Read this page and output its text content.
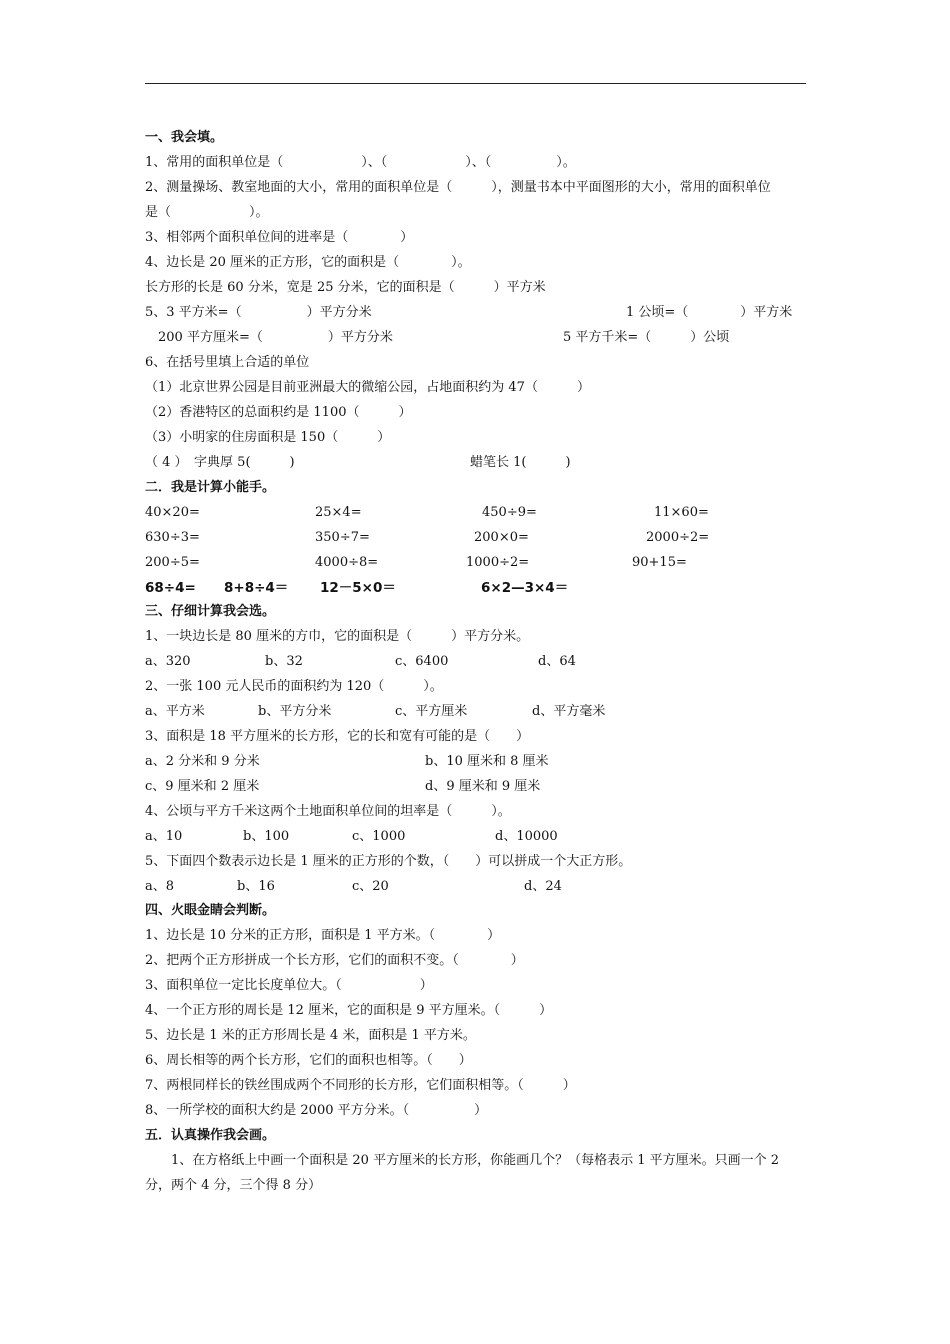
一、我会填。
1、常用的面积单位是（　　　　　　）、（　　　　　　）、（　　　　　）。
2、测量操场、教室地面的大小，常用的面积单位是（　　　），测量书本中平面图形的大小，常用的面积单位
是（　　　　　　）。
3、相邻两个面积单位间的进率是（　　　　）
4、边长是 20 厘米的正方形，它的面积是（　　　　）。
长方形的长是 60 分米，宽是 25 分米，它的面积是（　　　）平方米
5、3 平方米=（　　　　　）平方分米	1 公顷=（　　　　）平方米
200 平方厘米=（　　　　　）平方分米	5 平方千米=（　　　）公顷
6、在括号里填上合适的单位
（1）北京世界公园是目前亚洲最大的微缩公园，占地面积约为 47（　　　）
（2）香港特区的总面积约是 1100（　　　）
（3）小明家的住房面积是 150（　　　）
（ 4 ）　字典厚 5(　　　)	蜡笔长 1(　　　)
二．我是计算小能手。
40×20=	25×4=	450÷9=	11×60=
630÷3=	350÷7=	200×0=	2000÷2=
200÷5=	4000÷8=	1000÷2=	90+15=
68÷4= 8+8÷4＝ 12－5×0＝	6×2—3×4＝
三、仔细计算我会选。
1、一块边长是 80 厘米的方巾，它的面积是（　　　）平方分米。
a、320	b、32	c、6400	d、64
2、一张 100 元人民币的面积约为 120（　　　）。
a、平方米	b、平方分米	c、平方厘米	d、平方毫米
3、面积是 18 平方厘米的长方形，它的长和宽有可能的是（　　）
a、2 分米和 9 分米	b、10 厘米和 8 厘米
c、9 厘米和 2 厘米	d、9 厘米和 9 厘米
4、公顷与平方千米这两个土地面积单位间的坦率是（　　　）。
a、10	b、100	c、1000	d、10000
5、下面四个数表示边长是 1 厘米的正方形的个数，（　　）可以拼成一个大正方形。
a、8	b、16	c、20	d、24
四、火眼金睛会判断。
1、边长是 10 分米的正方形，面积是 1 平方米。（　　　　）
2、把两个正方形拼成一个长方形，它们的面积不变。（　　　　）
3、面积单位一定比长度单位大。（　　　　　　）
4、一个正方形的周长是 12 厘米，它的面积是 9 平方厘米。（　　　）
5、边长是 1 米的正方形周长是 4 米，面积是 1 平方米。
6、周长相等的两个长方形，它们的面积也相等。（　　）
7、两根同样长的铁丝围成两个不同形的长方形，它们面积相等。（　　　）
8、一所学校的面积大约是 2000 平方分米。（　　　　　）
五．认真操作我会画。
　　1、在方格纸上中画一个面积是 20 平方厘米的长方形，你能画几个？（每格表示 1 平方厘米。只画一个 2
分，两个 4 分，三个得 8 分）
